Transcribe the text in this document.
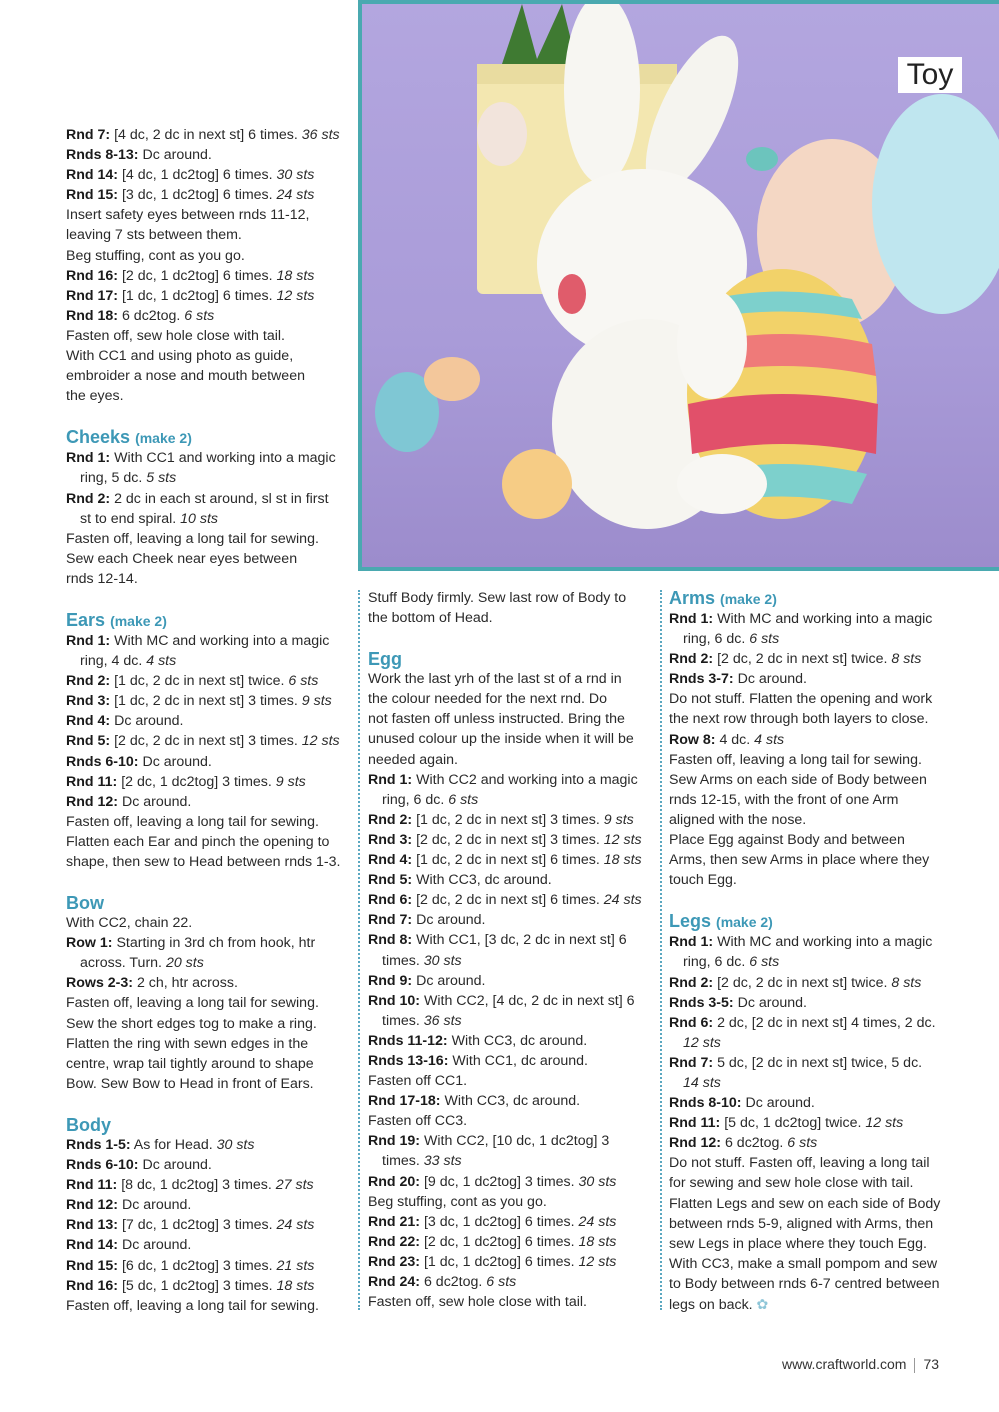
Toy

Rnd 7: [4 dc, 2 dc in next st] 6 times. 36 sts

Rnds 8-13: Dc around.

Rnd 14: [4 dc, 1 dc2tog] 6 times. 30 sts

Rnd 15: [3 dc, 1 dc2tog] 6 times. 24 sts

Insert safety eyes between rnds 11-12,

leaving 7 sts between them.

Beg stuffing, cont as you go.

Rnd 16: [2 dc, 1 dc2tog] 6 times. 18 sts

Rnd 17: [1 dc, 1 dc2tog] 6 times. 12 sts

Rnd 18: 6 dc2tog. 6 sts

Fasten off, sew hole close with tail.

With CC1 and using photo as guide,

embroider a nose and mouth between

the eyes.

Cheeks (make 2)

Rnd 1: With CC1 and working into a magic

ring, 5 dc. 5 sts

Rnd 2: 2 dc in each st around, sl st in first

st to end spiral. 10 sts

Fasten off, leaving a long tail for sewing.

Sew each Cheek near eyes between

rnds 12-14.

Ears (make 2)

Rnd 1: With MC and working into a magic

ring, 4 dc. 4 sts

Rnd 2: [1 dc, 2 dc in next st] twice. 6 sts

Rnd 3: [1 dc, 2 dc in next st] 3 times. 9 sts

Rnd 4: Dc around.

Rnd 5: [2 dc, 2 dc in next st] 3 times. 12 sts

Rnds 6-10: Dc around.

Rnd 11: [2 dc, 1 dc2tog] 3 times. 9 sts

Rnd 12: Dc around.

Fasten off, leaving a long tail for sewing.

Flatten each Ear and pinch the opening to

shape, then sew to Head between rnds 1-3.

Bow

With CC2, chain 22.

Row 1: Starting in 3rd ch from hook, htr

across. Turn. 20 sts

Rows 2-3: 2 ch, htr across.

Fasten off, leaving a long tail for sewing.

Sew the short edges tog to make a ring.

Flatten the ring with sewn edges in the

centre, wrap tail tightly around to shape

Bow. Sew Bow to Head in front of Ears.

Body

Rnds 1-5: As for Head. 30 sts

Rnds 6-10: Dc around.

Rnd 11: [8 dc, 1 dc2tog] 3 times. 27 sts

Rnd 12: Dc around.

Rnd 13: [7 dc, 1 dc2tog] 3 times. 24 sts

Rnd 14: Dc around.

Rnd 15: [6 dc, 1 dc2tog] 3 times. 21 sts

Rnd 16: [5 dc, 1 dc2tog] 3 times. 18 sts

Fasten off, leaving a long tail for sewing.

Stuff Body firmly. Sew last row of Body to

the bottom of Head.

Egg

Work the last yrh of the last st of a rnd in

the colour needed for the next rnd. Do

not fasten off unless instructed. Bring the

unused colour up the inside when it will be

needed again.

Rnd 1: With CC2 and working into a magic

ring, 6 dc. 6 sts

Rnd 2: [1 dc, 2 dc in next st] 3 times. 9 sts

Rnd 3: [2 dc, 2 dc in next st] 3 times. 12 sts

Rnd 4: [1 dc, 2 dc in next st] 6 times. 18 sts

Rnd 5: With CC3, dc around.

Rnd 6: [2 dc, 2 dc in next st] 6 times. 24 sts

Rnd 7: Dc around.

Rnd 8: With CC1, [3 dc, 2 dc in next st] 6

times. 30 sts

Rnd 9: Dc around.

Rnd 10: With CC2, [4 dc, 2 dc in next st] 6

times. 36 sts

Rnds 11-12: With CC3, dc around.

Rnds 13-16: With CC1, dc around.

Fasten off CC1.

Rnd 17-18: With CC3, dc around.

Fasten off CC3.

Rnd 19: With CC2, [10 dc, 1 dc2tog] 3

times. 33 sts

Rnd 20: [9 dc, 1 dc2tog] 3 times. 30 sts

Beg stuffing, cont as you go.

Rnd 21: [3 dc, 1 dc2tog] 6 times. 24 sts

Rnd 22: [2 dc, 1 dc2tog] 6 times. 18 sts

Rnd 23: [1 dc, 1 dc2tog] 6 times. 12 sts

Rnd 24: 6 dc2tog. 6 sts

Fasten off, sew hole close with tail.

Arms (make 2)

Rnd 1: With MC and working into a magic

ring, 6 dc. 6 sts

Rnd 2: [2 dc, 2 dc in next st] twice. 8 sts

Rnds 3-7: Dc around.

Do not stuff. Flatten the opening and work

the next row through both layers to close.

Row 8: 4 dc. 4 sts

Fasten off, leaving a long tail for sewing.

Sew Arms on each side of Body between

rnds 12-15, with the front of one Arm

aligned with the nose.

Place Egg against Body and between

Arms, then sew Arms in place where they

touch Egg.

Legs (make 2)

Rnd 1: With MC and working into a magic

ring, 6 dc. 6 sts

Rnd 2: [2 dc, 2 dc in next st] twice. 8 sts

Rnds 3-5: Dc around.

Rnd 6: 2 dc, [2 dc in next st] 4 times, 2 dc.

12 sts

Rnd 7: 5 dc, [2 dc in next st] twice, 5 dc.

14 sts

Rnds 8-10: Dc around.

Rnd 11: [5 dc, 1 dc2tog] twice. 12 sts

Rnd 12: 6 dc2tog. 6 sts

Do not stuff. Fasten off, leaving a long tail

for sewing and sew hole close with tail.

Flatten Legs and sew on each side of Body

between rnds 5-9, aligned with Arms, then

sew Legs in place where they touch Egg.

With CC3, make a small pompom and sew

to Body between rnds 6-7 centred between

legs on back. ✿

www.craftworld.com 73
